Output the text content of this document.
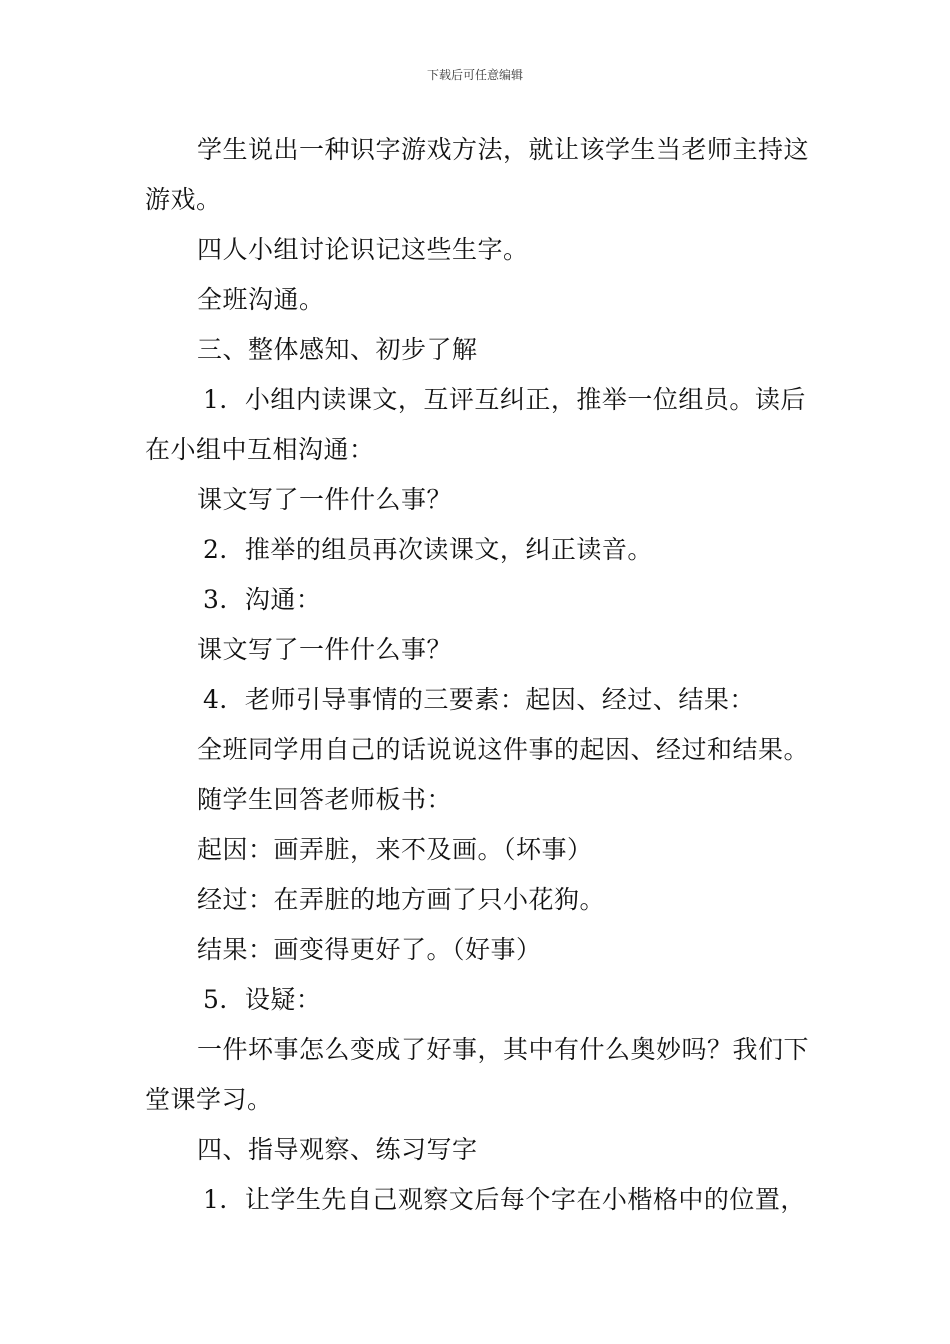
下载后可任意编辑

学生说出一种识字游戏方法，就让该学生当老师主持这游戏。

四人小组讨论识记这些生字。

全班沟通。

三、整体感知、初步了解

1．小组内读课文，互评互纠正，推举一位组员。读后在小组中互相沟通：

课文写了一件什么事？

2．推举的组员再次读课文，纠正读音。

3．沟通：

课文写了一件什么事？

4．老师引导事情的三要素：起因、经过、结果：

全班同学用自己的话说说这件事的起因、经过和结果。

随学生回答老师板书：

起因：画弄脏，来不及画。（坏事）

经过：在弄脏的地方画了只小花狗。

结果：画变得更好了。（好事）

5．设疑：

一件坏事怎么变成了好事，其中有什么奥妙吗？我们下堂课学习。

四、指导观察、练习写字

1．让学生先自己观察文后每个字在小楷格中的位置，
